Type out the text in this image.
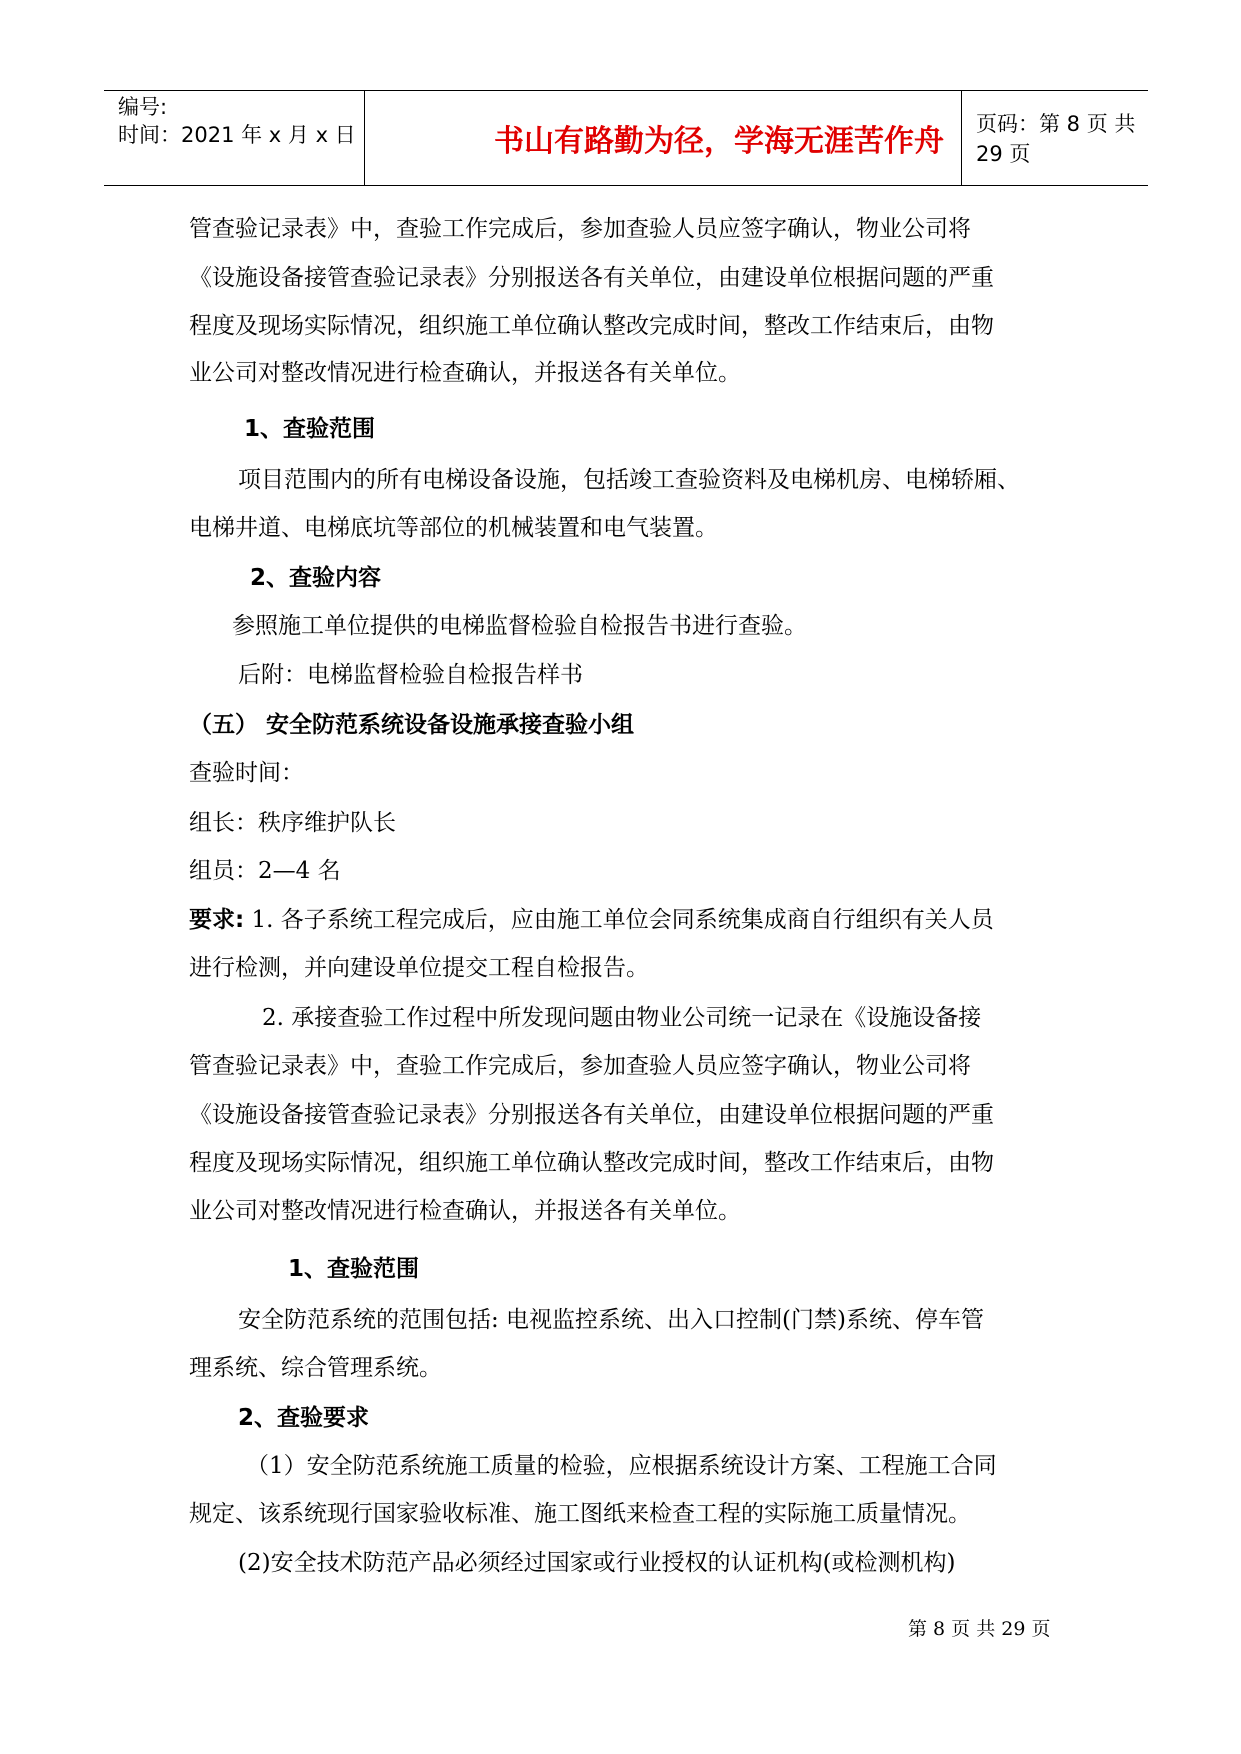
编号:
时间：2021 年 x 月 x 日	书山有路勤为径，学海无涯苦作舟	页码：第 8 页 共 29 页
管查验记录表》中，查验工作完成后，参加查验人员应签字确认，物业公司将
《设施设备接管查验记录表》分别报送各有关单位，由建设单位根据问题的严重
程度及现场实际情况，组织施工单位确认整改完成时间，整改工作结束后，由物
业公司对整改情况进行检查确认，并报送各有关单位。
1、查验范围
项目范围内的所有电梯设备设施，包括竣工查验资料及电梯机房、电梯轿厢、
电梯井道、电梯底坑等部位的机械装置和电气装置。
2、查验内容
参照施工单位提供的电梯监督检验自检报告书进行查验。
后附：电梯监督检验自检报告样书
（五） 安全防范系统设备设施承接查验小组
查验时间：
组长：秩序维护队长
组员：2—4 名
要求: 1. 各子系统工程完成后，应由施工单位会同系统集成商自行组织有关人员
进行检测，并向建设单位提交工程自检报告。
2. 承接查验工作过程中所发现问题由物业公司统一记录在《设施设备接
管查验记录表》中，查验工作完成后，参加查验人员应签字确认，物业公司将
《设施设备接管查验记录表》分别报送各有关单位，由建设单位根据问题的严重
程度及现场实际情况，组织施工单位确认整改完成时间，整改工作结束后，由物
业公司对整改情况进行检查确认，并报送各有关单位。
1、查验范围
安全防范系统的范围包括: 电视监控系统、出入口控制(门禁)系统、停车管
理系统、综合管理系统。
2、查验要求
（1）安全防范系统施工质量的检验，应根据系统设计方案、工程施工合同
规定、该系统现行国家验收标准、施工图纸来检查工程的实际施工质量情况。
(2)安全技术防范产品必须经过国家或行业授权的认证机构(或检测机构)
第 8 页 共 29 页
